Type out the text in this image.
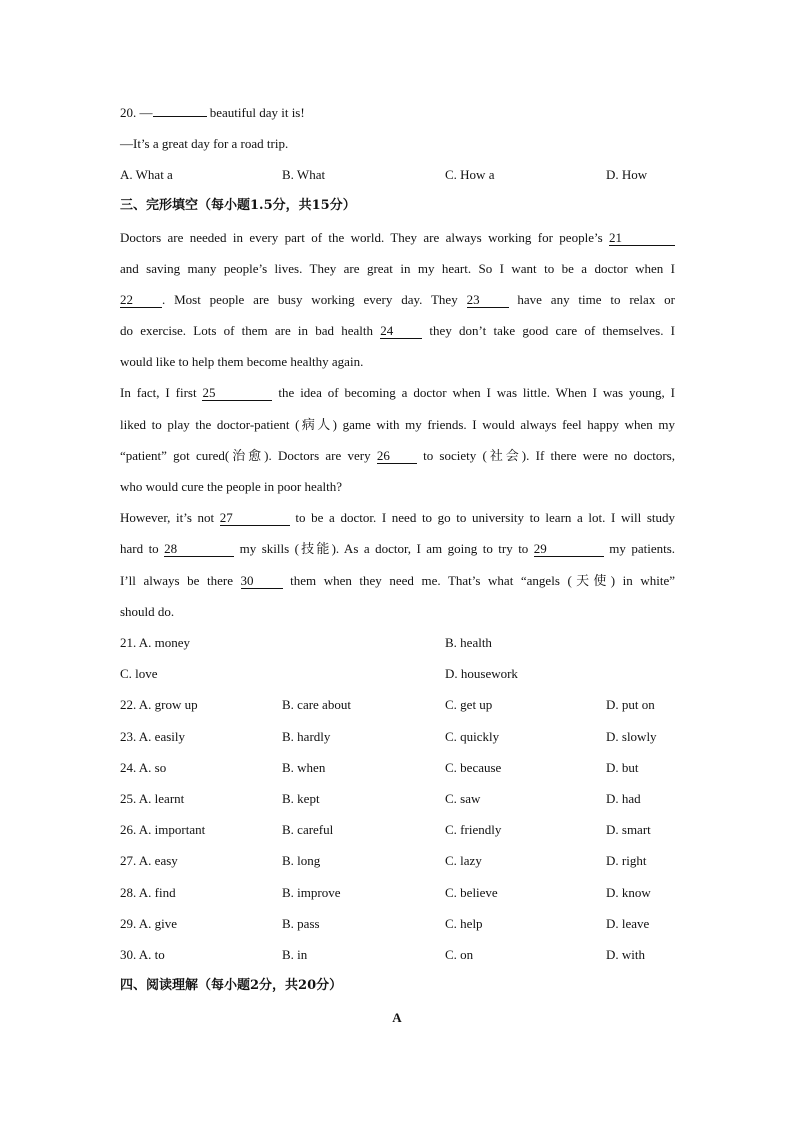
20. —	beautiful day it is!
—It’s a great day for a road trip.
A. What a	B. What	C. How a	D. How
三、完形填空（每小题1.5分，共15分）
Doctors are needed in every part of the world. They are always working for people’s 21
and saving many people’s lives. They are great in my heart. So I want to be a doctor when I
22 . Most people are busy working every day. They 23 have any time to relax or
do exercise. Lots of them are in bad health 24 they don’t take good care of themselves. I
would like to help them become healthy again.
In fact, I first 25	the idea of becoming a doctor when I was little. When I was young, I
liked to play the doctor-patient (病人) game with my friends. I would always feel happy when my
“patient” got cured(治愈). Doctors are very 26 to society (社会). If there were no doctors,
who would cure the people in poor health?
However, it’s not 27	to be a doctor. I need to go to university to learn a lot. I will study
hard to 28	my skills (技能). As a doctor, I am going to try to 29	my patients.
I’ll always be there 30 them when they need me. That’s what “angels (天使) in white”
should do.
21. A. money	B. health
C. love	D. housework
22. A. grow up	B. care about	C. get up	D. put on
23. A. easily	B. hardly	C. quickly	D. slowly
24. A. so	B. when	C. because	D. but
25. A. learnt	B. kept	C. saw	D. had
26. A. important	B. careful	C. friendly	D. smart
27. A. easy	B. long	C. lazy	D. right
28. A. find	B. improve	C. believe	D. know
29. A. give	B. pass	C. help	D. leave
30. A. to	B. in	C. on	D. with
四、阅读理解（每小题2分，共20分）
A
